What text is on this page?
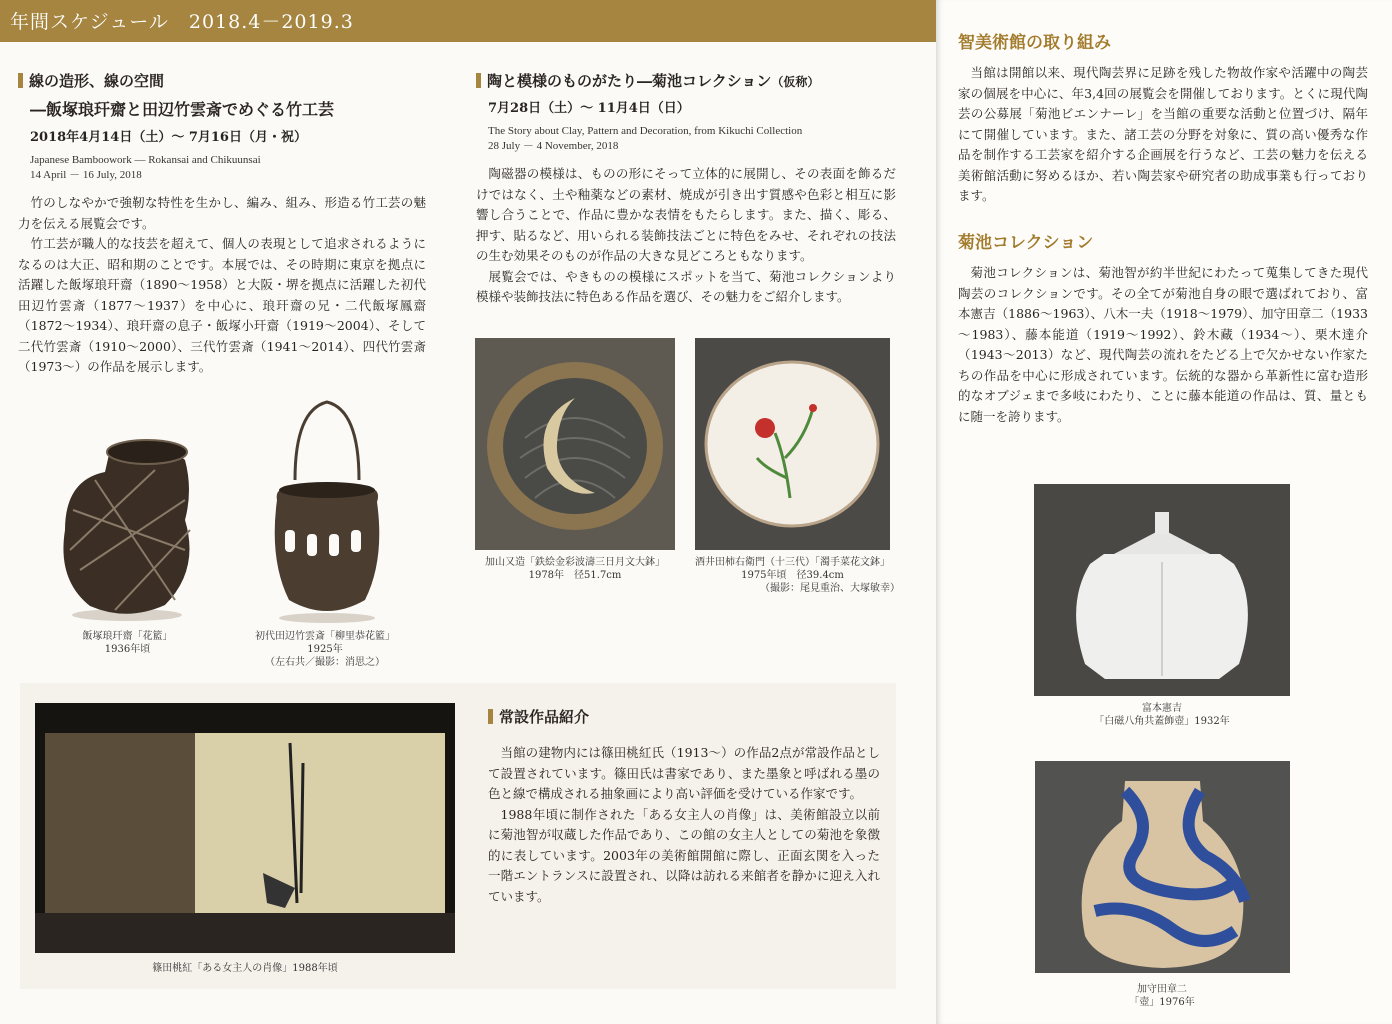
年間スケジュール　2018.4－2019.3
線の造形、線の空間
―飯塚琅玕齋と田辺竹雲斎でめぐる竹工芸
2018年4月14日（土）～ 7月16日（月・祝）
Japanese Bamboowork — Rokansai and Chikuunsai
14 April － 16 July, 2018
竹のしなやかで強靭な特性を生かし、編み、組み、形造る竹工芸の魅力を伝える展覧会です。
竹工芸が職人的な技芸を超えて、個人の表現として追求されるようになるのは大正、昭和期のことです。本展では、その時期に東京を拠点に活躍した飯塚琅玕齋（1890～1958）と大阪・堺を拠点に活躍した初代田辺竹雲斎（1877～1937）を中心に、琅玕齋の兄・二代飯塚鳳齋（1872～1934）、琅玕齋の息子・飯塚小玕齋（1919～2004）、そして二代竹雲斎（1910～2000）、三代竹雲斎（1941～2014）、四代竹雲斎（1973～）の作品を展示します。
飯塚琅玕齋「花籃」
1936年頃
初代田辺竹雲斎「柳里恭花籃」
1925年
（左右共／撮影：消思之）
陶と模様のものがたり―菊池コレクション（仮称）
7月28日（土）～ 11月4日（日）
The Story about Clay, Pattern and Decoration, from Kikuchi Collection
28 July － 4 November, 2018
陶磁器の模様は、ものの形にそって立体的に展開し、その表面を飾るだけではなく、土や釉薬などの素材、焼成が引き出す質感や色彩と相互に影響し合うことで、作品に豊かな表情をもたらします。また、描く、彫る、押す、貼るなど、用いられる装飾技法ごとに特色をみせ、それぞれの技法の生む効果そのものが作品の大きな見どころともなります。
展覧会では、やきものの模様にスポットを当て、菊池コレクションより模様や装飾技法に特色ある作品を選び、その魅力をご紹介します。
加山又造「鉄絵金彩波濤三日月文大鉢」
1978年　径51.7cm
酒井田柿右衛門（十三代）「濁手菜花文鉢」
1975年頃　径39.4cm
（撮影：尾見重治、大塚敏幸）
篠田桃紅「ある女主人の肖像」1988年頃
常設作品紹介
当館の建物内には篠田桃紅氏（1913～）の作品2点が常設作品として設置されています。篠田氏は書家であり、また墨象と呼ばれる墨の色と線で構成される抽象画により高い評価を受けている作家です。
1988年頃に制作された「ある女主人の肖像」は、美術館設立以前に菊池智が収蔵した作品であり、この館の女主人としての菊池を象徴的に表しています。2003年の美術館開館に際し、正面玄関を入った一階エントランスに設置され、以降は訪れる来館者を静かに迎え入れています。
智美術館の取り組み
当館は開館以来、現代陶芸界に足跡を残した物故作家や活躍中の陶芸家の個展を中心に、年3,4回の展覧会を開催しております。とくに現代陶芸の公募展「菊池ビエンナーレ」を当館の重要な活動と位置づけ、隔年にて開催しています。また、諸工芸の分野を対象に、質の高い優秀な作品を制作する工芸家を紹介する企画展を行うなど、工芸の魅力を伝える美術館活動に努めるほか、若い陶芸家や研究者の助成事業も行っております。
菊池コレクション
菊池コレクションは、菊池智が約半世紀にわたって蒐集してきた現代陶芸のコレクションです。その全てが菊池自身の眼で選ばれており、富本憲吉（1886～1963）、八木一夫（1918～1979）、加守田章二（1933～1983）、藤本能道（1919～1992）、鈴木藏（1934～）、栗木達介（1943～2013）など、現代陶芸の流れをたどる上で欠かせない作家たちの作品を中心に形成されています。伝統的な器から革新性に富む造形的なオブジェまで多岐にわたり、ことに藤本能道の作品は、質、量ともに随一を誇ります。
富本憲吉
「白磁八角共蓋飾壺」1932年
加守田章二
「壺」1976年
